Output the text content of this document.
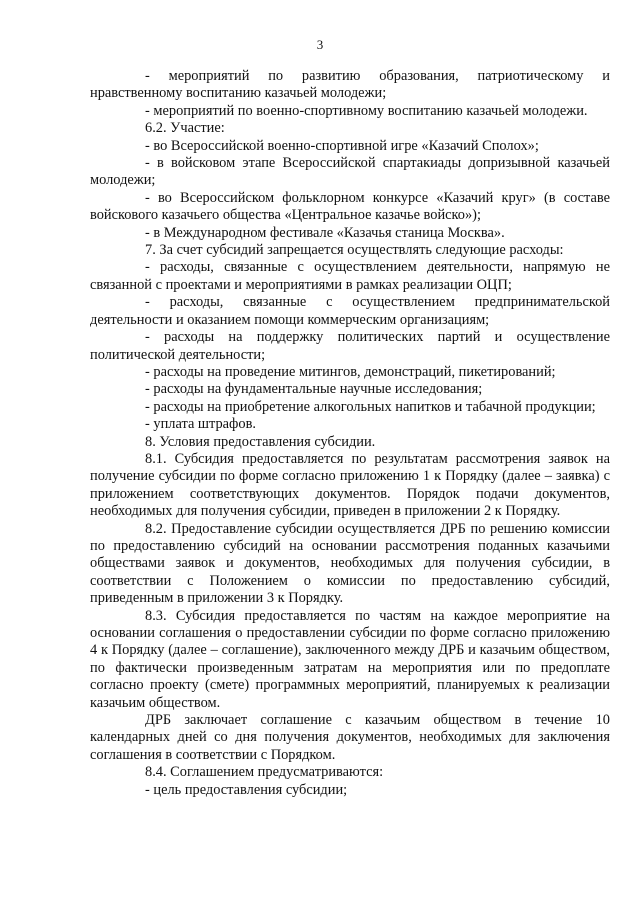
3

- мероприятий по развитию образования, патриотическому и нравственному воспитанию казачьей молодежи;

- мероприятий по военно-спортивному воспитанию казачьей молодежи.

6.2. Участие:

- во Всероссийской военно-спортивной игре «Казачий Сполох»;

- в войсковом этапе Всероссийской спартакиады допризывной казачьей молодежи;

- во Всероссийском фольклорном конкурсе «Казачий круг» (в составе войскового казачьего общества «Центральное казачье войско»);

- в Международном фестивале «Казачья станица Москва».

7. За счет субсидий запрещается осуществлять следующие расходы:

- расходы, связанные с осуществлением деятельности, напрямую не связанной с проектами и мероприятиями в рамках реализации ОЦП;

- расходы, связанные с осуществлением предпринимательской деятельности и оказанием помощи коммерческим организациям;

- расходы на поддержку политических партий и осуществление политической деятельности;

- расходы на проведение митингов, демонстраций, пикетирований;

- расходы на фундаментальные научные исследования;

- расходы на приобретение алкогольных напитков и табачной продукции;

- уплата штрафов.

8. Условия предоставления субсидии.

8.1. Субсидия предоставляется по результатам рассмотрения заявок на получение субсидии по форме согласно приложению 1 к Порядку (далее – заявка) с приложением соответствующих документов. Порядок подачи документов, необходимых для получения субсидии, приведен в приложении 2 к Порядку.

8.2. Предоставление субсидии осуществляется ДРБ по решению комиссии по предоставлению субсидий на основании рассмотрения поданных казачьими обществами заявок и документов, необходимых для получения субсидии, в соответствии с Положением о комиссии по предоставлению субсидий, приведенным в приложении 3 к Порядку.

8.3. Субсидия предоставляется по частям на каждое мероприятие на основании соглашения о предоставлении субсидии по форме согласно приложению 4 к Порядку (далее – соглашение), заключенного между ДРБ и казачьим обществом, по фактически произведенным затратам на мероприятия или по предоплате согласно проекту (смете) программных мероприятий, планируемых к реализации казачьим обществом.

ДРБ заключает соглашение с казачьим обществом в течение 10 календарных дней со дня получения документов, необходимых для заключения соглашения в соответствии с Порядком.

8.4. Соглашением предусматриваются:

- цель предоставления субсидии;
